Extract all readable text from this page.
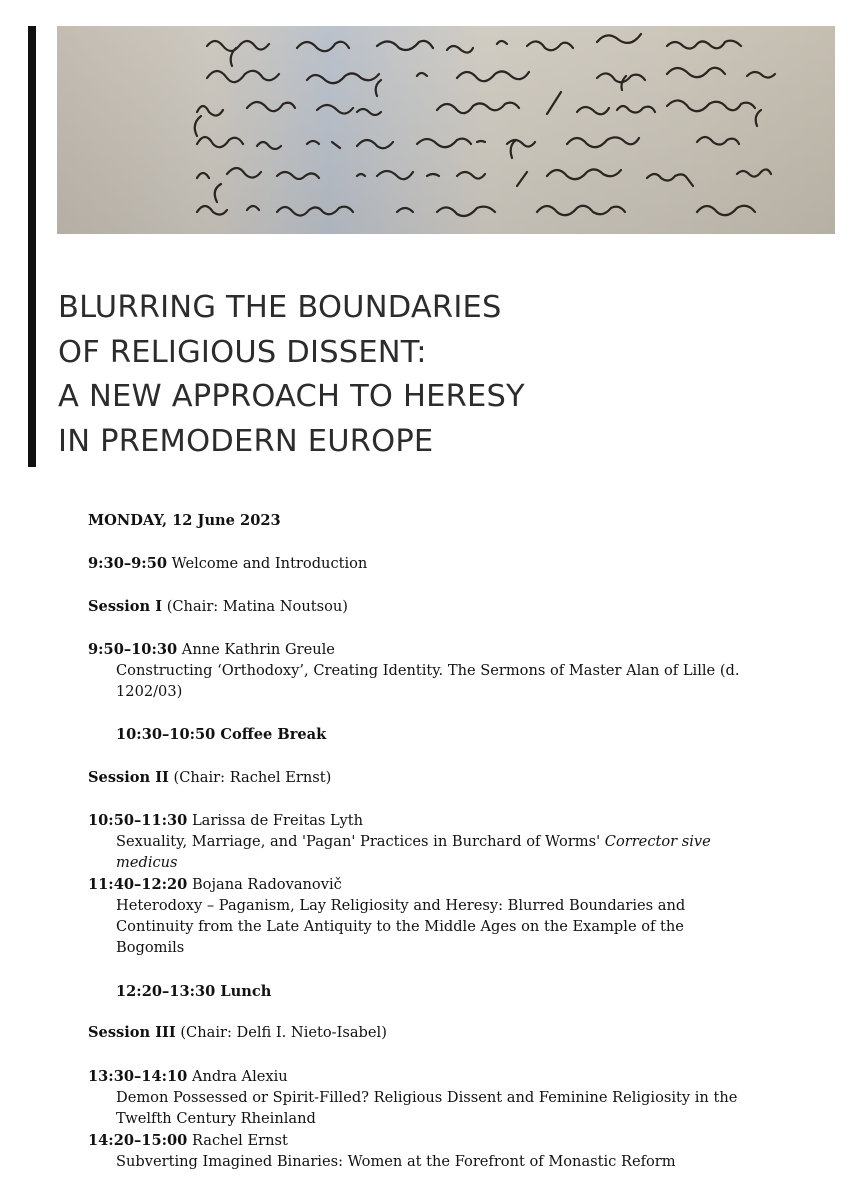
BLURRING THE BOUNDARIES
OF RELIGIOUS DISSENT:
A NEW APPROACH TO HERESY
IN PREMODERN EUROPE
MONDAY, 12 June 2023
9:30–9:50 Welcome and Introduction
Session I (Chair: Matina Noutsou)
9:50–10:30 Anne Kathrin Greule
Constructing ‘Orthodoxy’, Creating Identity. The Sermons of Master Alan of Lille (d.
1202/03)
10:30–10:50 Coffee Break
Session II (Chair: Rachel Ernst)
10:50–11:30 Larissa de Freitas Lyth
Sexuality, Marriage, and 'Pagan' Practices in Burchard of Worms' Corrector sive
medicus
11:40–12:20 Bojana Radovanovič
Heterodoxy – Paganism, Lay Religiosity and Heresy: Blurred Boundaries and
Continuity from the Late Antiquity to the Middle Ages on the Example of the
Bogomils
12:20–13:30 Lunch
Session III (Chair: Delfi I. Nieto-Isabel)
13:30–14:10 Andra Alexiu
Demon Possessed or Spirit-Filled? Religious Dissent and Feminine Religiosity in the
Twelfth Century Rheinland
14:20–15:00 Rachel Ernst
Subverting Imagined Binaries: Women at the Forefront of Monastic Reform
